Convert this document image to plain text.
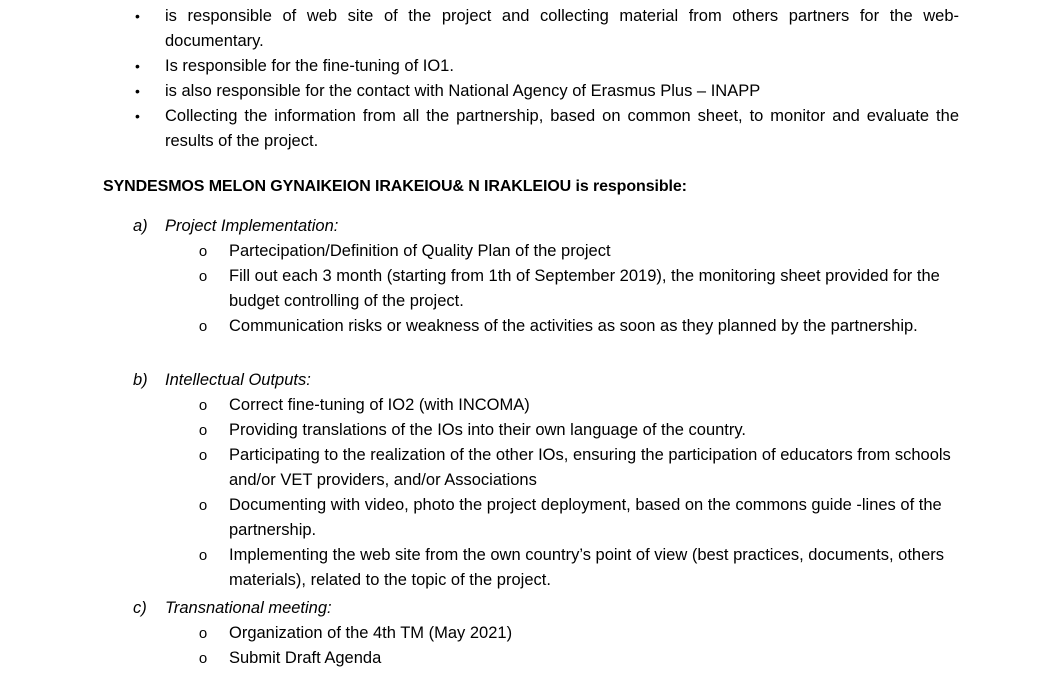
•	is responsible of web site of the project and collecting material from others partners for the web-documentary.
•	Is responsible for the fine-tuning of IO1.
•	is also responsible for the contact with National Agency of Erasmus Plus – INAPP
•	Collecting the information from all the partnership, based on common sheet, to monitor and evaluate the results of the project.
SYNDESMOS MELON GYNAIKEION IRAKEIOU& N IRAKLEIOU is responsible:
a) Project Implementation:
o Partecipation/Definition of Quality Plan of the project
o Fill out each 3 month (starting from 1th of September 2019), the monitoring sheet provided for the budget controlling of the project.
o Communication risks or weakness of the activities as soon as they planned by the partnership.
b) Intellectual Outputs:
o Correct fine-tuning of IO2 (with INCOMA)
o Providing translations of the IOs into their own language of the country.
o Participating to the realization of the other IOs, ensuring the participation of educators from schools and/or VET providers, and/or Associations
o Documenting with video, photo the project deployment, based on the commons guide -lines of the partnership.
o Implementing the web site from the own country’s point of view (best practices, documents, others materials), related to the topic of the project.
c) Transnational meeting:
o Organization of the 4th TM (May 2021)
o Submit Draft Agenda
